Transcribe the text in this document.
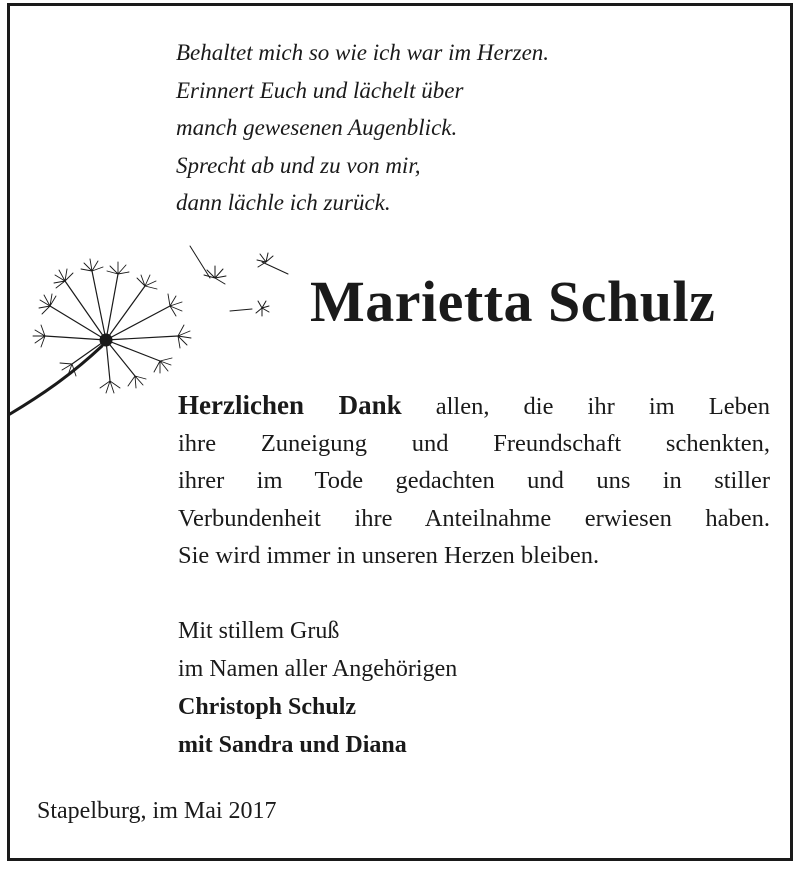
Behaltet mich so wie ich war im Herzen.
Erinnert Euch und lächelt über
manch gewesenen Augenblick.
Sprecht ab und zu von mir,
dann lächle ich zurück.
Marietta Schulz
Herzlichen Dank allen, die ihr im Leben
ihre Zuneigung und Freundschaft schenkten,
ihrer im Tode gedachten und uns in stiller
Verbundenheit ihre Anteilnahme erwiesen haben.
Sie wird immer in unseren Herzen bleiben.
Mit stillem Gruß
im Namen aller Angehörigen
Christoph Schulz
mit Sandra und Diana
Stapelburg, im Mai 2017
